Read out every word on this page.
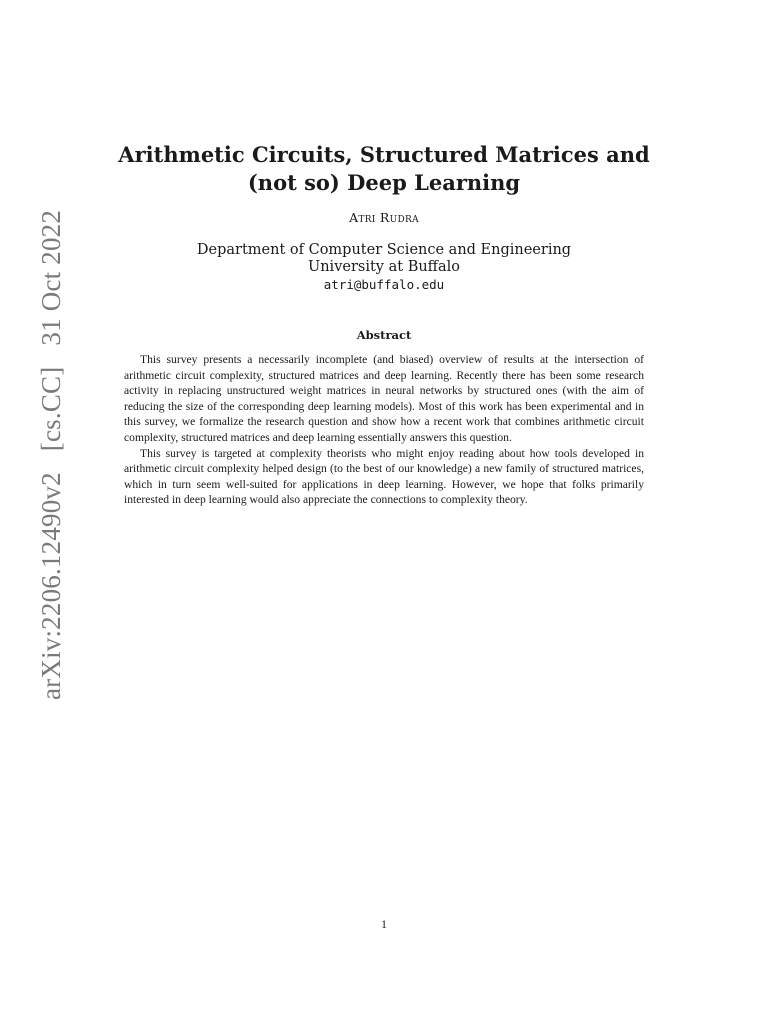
arXiv:2206.12490v2 [cs.CC] 31 Oct 2022
Arithmetic Circuits, Structured Matrices and (not so) Deep Learning
Atri Rudra
Department of Computer Science and Engineering
University at Buffalo
atri@buffalo.edu
Abstract

This survey presents a necessarily incomplete (and biased) overview of results at the intersection of arithmetic circuit complexity, structured matrices and deep learning. Recently there has been some research activity in replacing unstructured weight matrices in neural networks by structured ones (with the aim of reducing the size of the corresponding deep learning models). Most of this work has been experimental and in this survey, we formalize the research question and show how a recent work that combines arithmetic circuit complexity, structured matrices and deep learning essentially answers this question.

This survey is targeted at complexity theorists who might enjoy reading about how tools developed in arithmetic circuit complexity helped design (to the best of our knowledge) a new family of structured matrices, which in turn seem well-suited for applications in deep learning. However, we hope that folks primarily interested in deep learning would also appreciate the connections to complexity theory.

1
